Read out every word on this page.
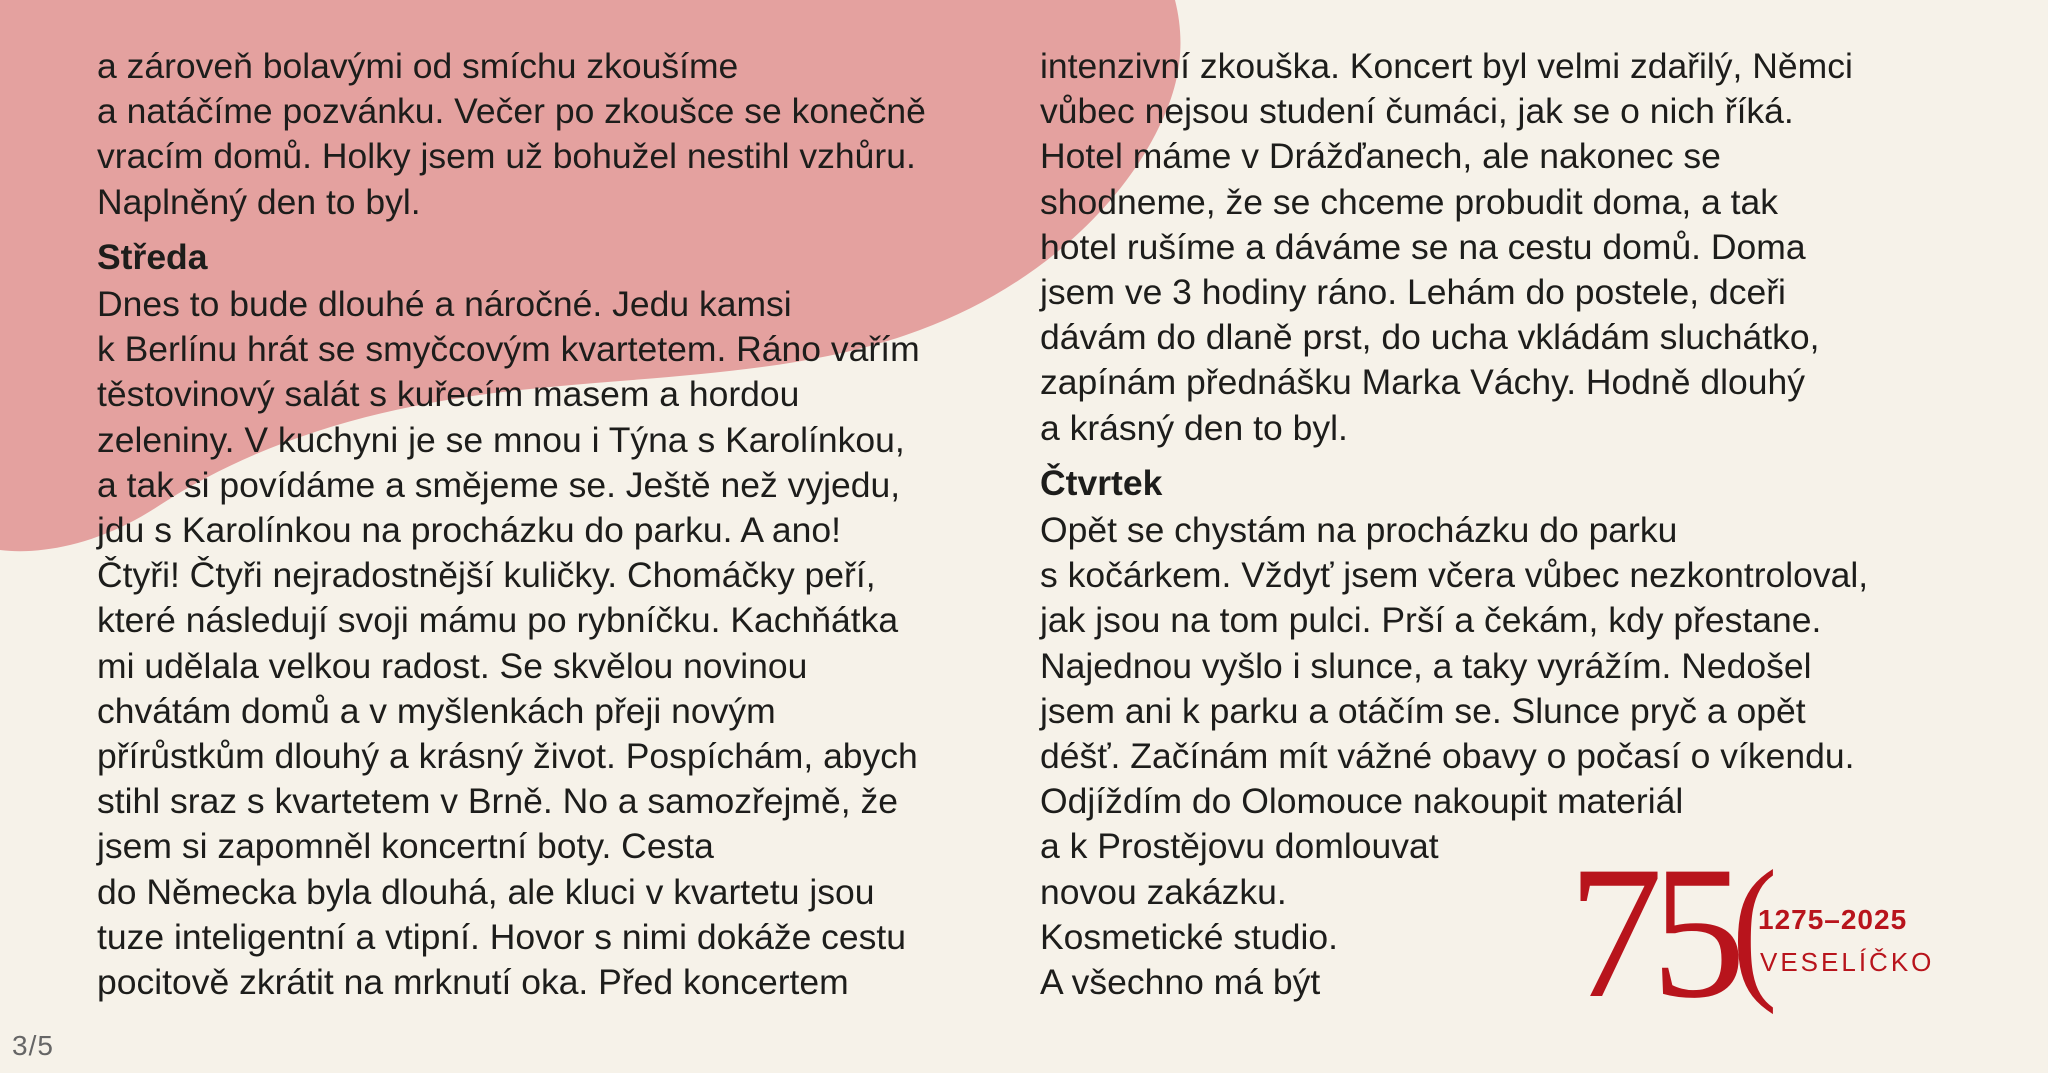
a zároveň bolavými od smíchu zkoušíme
a natáčíme pozvánku. Večer po zkoušce se konečně
vracím domů. Holky jsem už bohužel nestihl vzhůru.
Naplněný den to byl.
Středa
Dnes to bude dlouhé a náročné. Jedu kamsi
k Berlínu hrát se smyčcovým kvartetem. Ráno vařím
těstovinový salát s kuřecím masem a hordou
zeleniny. V kuchyni je se mnou i Týna s Karolínkou,
a tak si povídáme a smějeme se. Ještě než vyjedu,
jdu s Karolínkou na procházku do parku. A ano!
Čtyři! Čtyři nejradostnější kuličky. Chomáčky peří,
které následují svoji mámu po rybníčku. Kachňátka
mi udělala velkou radost. Se skvělou novinou
chvátám domů a v myšlenkách přeji novým
přírůstkům dlouhý a krásný život. Pospíchám, abych
stihl sraz s kvartetem v Brně. No a samozřejmě, že
jsem si zapomněl koncertní boty. Cesta
do Německa byla dlouhá, ale kluci v kvartetu jsou
tuze inteligentní a vtipní. Hovor s nimi dokáže cestu
pocitově zkrátit na mrknutí oka. Před koncertem
intenzivní zkouška. Koncert byl velmi zdařilý, Němci
vůbec nejsou studení čumáci, jak se o nich říká.
Hotel máme v Drážďanech, ale nakonec se
shodneme, že se chceme probudit doma, a tak
hotel rušíme a dáváme se na cestu domů. Doma
jsem ve 3 hodiny ráno. Lehám do postele, dceři
dávám do dlaně prst, do ucha vkládám sluchátko,
zapínám přednášku Marka Váchy. Hodně dlouhý
a krásný den to byl.
Čtvrtek
Opět se chystám na procházku do parku
s kočárkem. Vždyť jsem včera vůbec nezkontroloval,
jak jsou na tom pulci. Prší a čekám, kdy přestane.
Najednou vyšlo i slunce, a taky vyrážím. Nedošel
jsem ani k parku a otáčím se. Slunce pryč a opět
déšť. Začínám mít vážné obavy o počasí o víkendu.
Odjíždím do Olomouce nakoupit materiál
a k Prostějovu domlouvat
novou zakázku.
Kosmetické studio.
A všechno má být	75
(
1275–2025
VESELÍČKO
3/5
